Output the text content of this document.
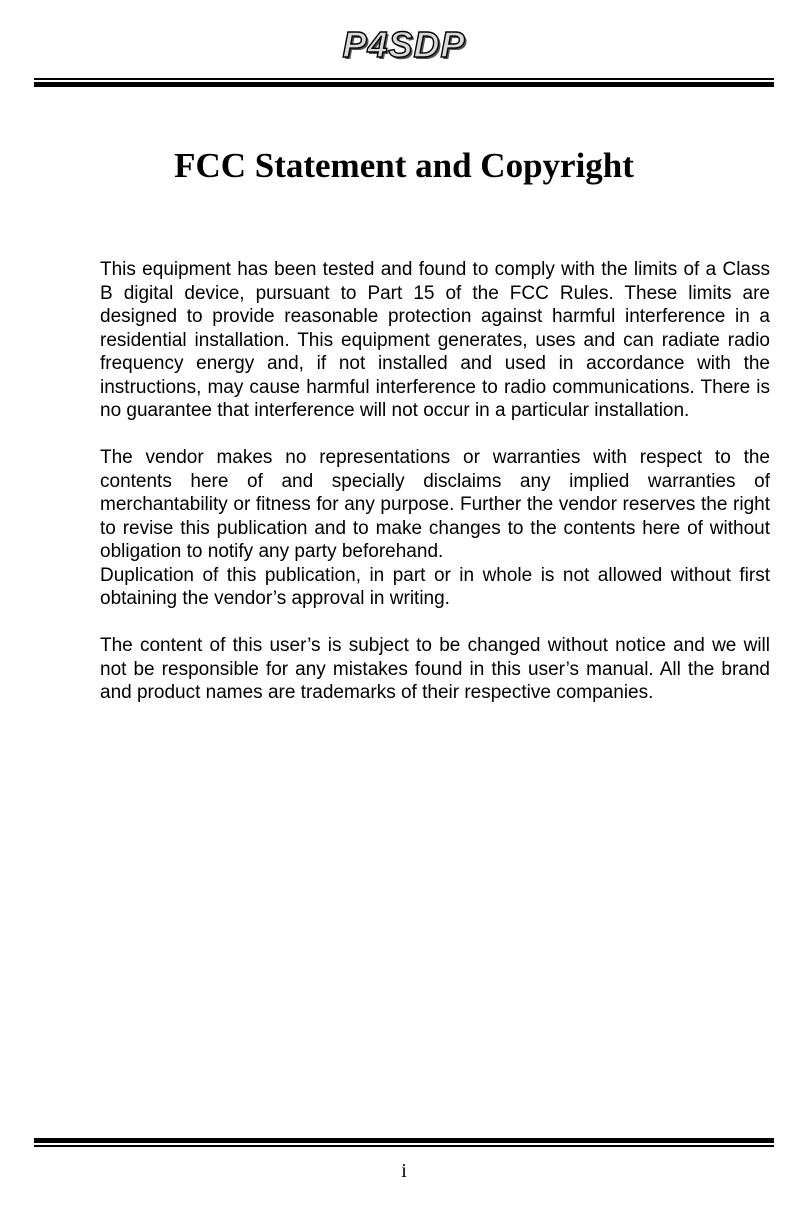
P4SDP
FCC Statement and Copyright

This equipment has been tested and found to comply with the limits of a Class B digital device, pursuant to Part 15 of the FCC Rules. These limits are designed to provide reasonable protection against harmful interference in a residential installation. This equipment generates, uses and can radiate radio frequency energy and, if not installed and used in accordance with the instructions, may cause harmful interference to radio communications. There is no guarantee that interference will not occur in a particular installation.

The vendor makes no representations or warranties with respect to the contents here of and specially disclaims any implied warranties of merchantability or fitness for any purpose. Further the vendor reserves the right to revise this publication and to make changes to the contents here of without obligation to notify any party beforehand.

Duplication of this publication, in part or in whole is not allowed without first obtaining the vendor’s approval in writing.

The content of this user’s is subject to be changed without notice and we will not be responsible for any mistakes found in this user’s manual. All the brand and product names are trademarks of their respective companies.

i
